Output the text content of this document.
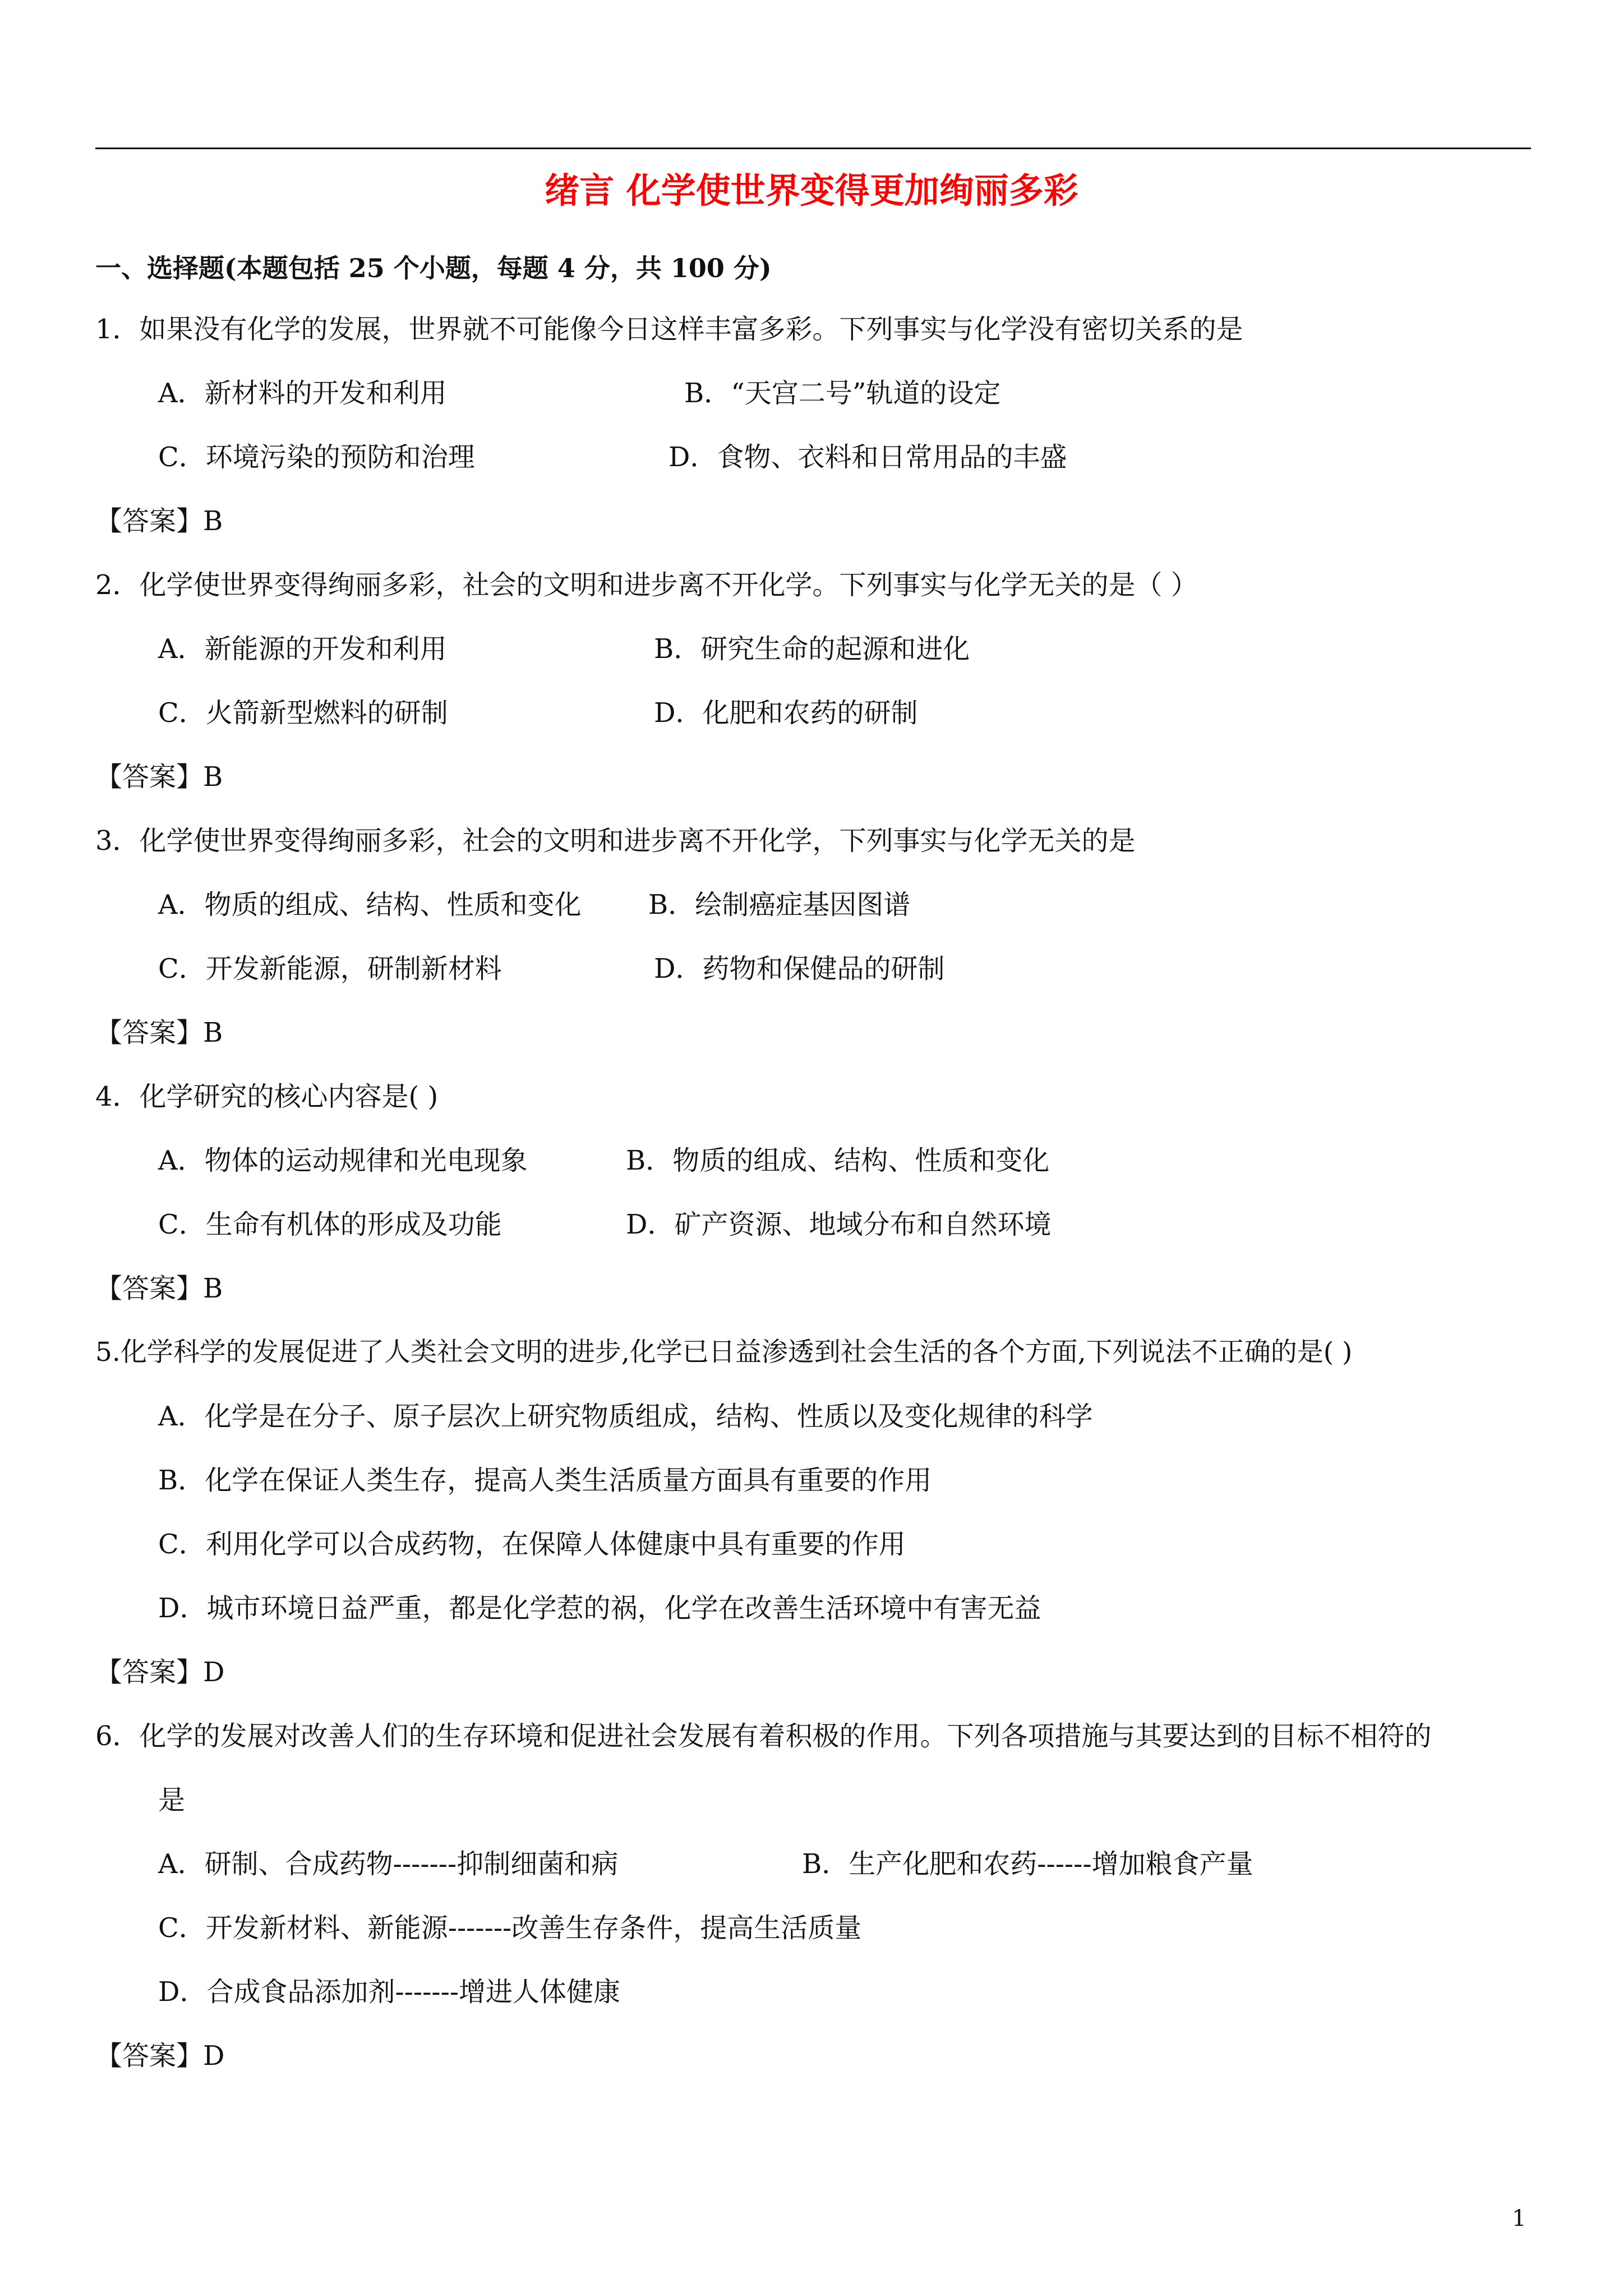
绪言 化学使世界变得更加绚丽多彩
一、选择题(本题包括 25 个小题，每题 4 分，共 100 分)
1．如果没有化学的发展，世界就不可能像今日这样丰富多彩。下列事实与化学没有密切关系的是
A．新材料的开发和利用	B．“天宫二号”轨道的设定
C．环境污染的预防和治理	D．食物、衣料和日常用品的丰盛
【答案】B
2．化学使世界变得绚丽多彩，社会的文明和进步离不开化学。下列事实与化学无关的是（ ）
A．新能源的开发和利用	B．研究生命的起源和进化
C．火箭新型燃料的研制	D．化肥和农药的研制
【答案】B
3．化学使世界变得绚丽多彩，社会的文明和进步离不开化学，下列事实与化学无关的是
A．物质的组成、结构、性质和变化 B．绘制癌症基因图谱
C．开发新能源，研制新材料	D．药物和保健品的研制
【答案】B
4．化学研究的核心内容是( )
A．物体的运动规律和光电现象	B．物质的组成、结构、性质和变化
C．生命有机体的形成及功能	D．矿产资源、地域分布和自然环境
【答案】B
5.化学科学的发展促进了人类社会文明的进步,化学已日益渗透到社会生活的各个方面,下列说法不正确的是( )
A．化学是在分子、原子层次上研究物质组成，结构、性质以及变化规律的科学
B．化学在保证人类生存，提高人类生活质量方面具有重要的作用
C．利用化学可以合成药物，在保障人体健康中具有重要的作用
D．城市环境日益严重，都是化学惹的祸，化学在改善生活环境中有害无益
【答案】D
6．化学的发展对改善人们的生存环境和促进社会发展有着积极的作用。下列各项措施与其要达到的目标不相符的
是
A．研制、合成药物-------抑制细菌和病	B．生产化肥和农药------增加粮食产量
C．开发新材料、新能源-------改善生存条件，提高生活质量
D．合成食品添加剂-------增进人体健康
【答案】D
1
